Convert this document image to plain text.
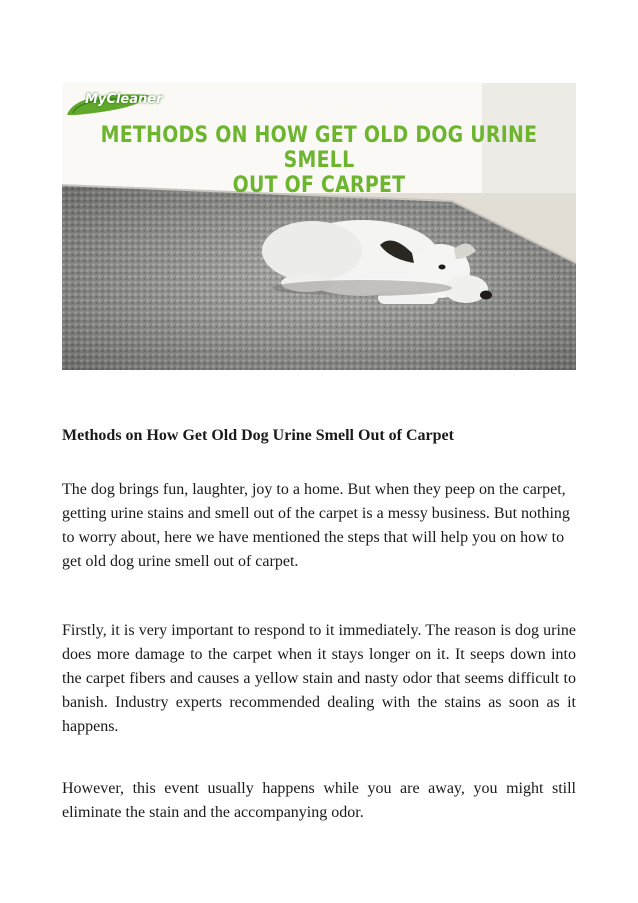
MyCleaner
METHODS ON HOW GET OLD DOG URINE SMELL
OUT OF CARPET
Methods on How Get Old Dog Urine Smell Out of Carpet

The dog brings fun, laughter, joy to a home. But when they peep on the carpet, getting urine stains and smell out of the carpet is a messy business. But nothing to worry about, here we have mentioned the steps that will help you on how to get old dog urine smell out of carpet.

Firstly, it is very important to respond to it immediately. The reason is dog urine does more damage to the carpet when it stays longer on it. It seeps down into the carpet fibers and causes a yellow stain and nasty odor that seems difficult to banish. Industry experts recommended dealing with the stains as soon as it happens.

However, this event usually happens while you are away, you might still eliminate the stain and the accompanying odor.
